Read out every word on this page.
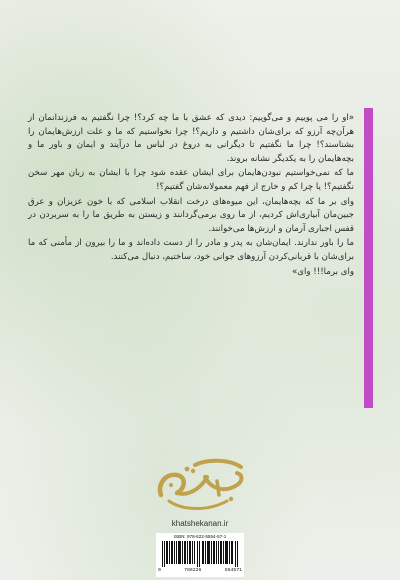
«او را می پوییم و می‌گوییم: دیدی که عشق با ما چه کرد؟! چرا نگفتیم به فرزندانمان از هرآن‌چه آرزو که برای‌شان داشتیم و داریم؟! چرا نخواستیم که ما و علت ارزش‌هایمان را بشناسند؟! چرا ما نگفتیم تا دیگرانی به دروغ در لباس ما درآیند و ایمان و باور ما و بچه‌هایمان را به یکدیگر نشانه بروند.

ما که نمی‌خواستیم نبودن‌هایمان برای ایشان عقده شود چرا با ایشان به زبان مهر سخن نگفتیم؟! یا چرا کم و خارج از فهم معمولانه‌شان گفتیم؟!

وای بر ما که بچه‌هایمان، این میوه‌های درخت انقلاب اسلامی که با خون عزیزان و عرق جبین‌مان آبیاری‌اش کردیم، از ما روی برمی‌گردانند و زیستن به طریق ما را به سربردن در قفس اجباری آرمان و ارزش‌ها می‌خوانند.

ما را باور ندارند. ایمان‌شان به پدر و مادر را از دست داده‌اند و ما را بیرون از مأمنی که ما برای‌شان با قربانی‌کردن آرزوهای جوانی خود، ساختیم، دنبال می‌کنند.

وای برما!!! وای»

khatshekanan.ir
ISBN: 978-622-5554-57-1
9	786226	554571
